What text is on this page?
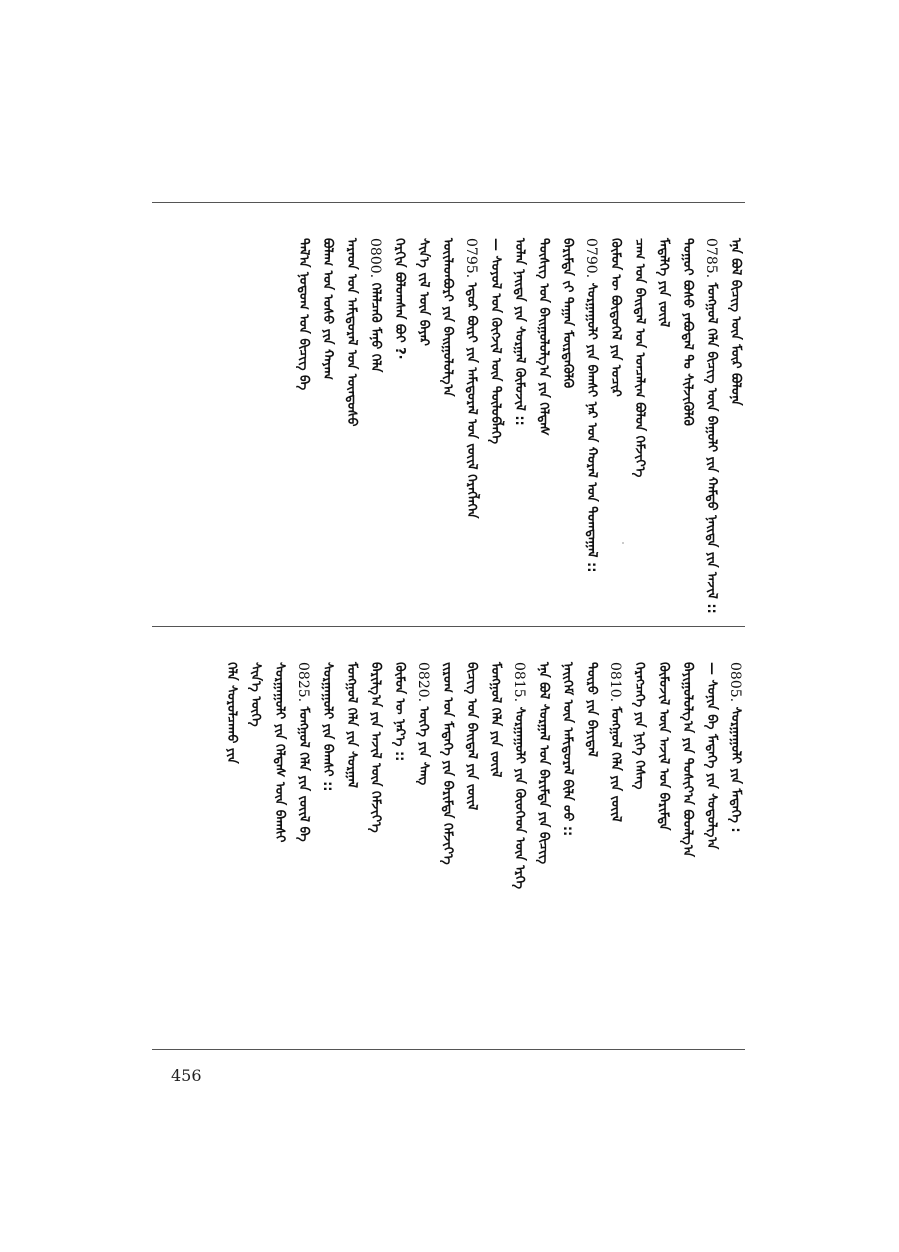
ᠡᠨᠡ ᠪᠣᠯ ᠪᠢᠴᠢᠭ ᠦᠨ ᠮᠦᠷ ᠪᠣᠯᠤᠨᠠ
0785. ᠮᠣᠩᠭᠣᠯ ᠬᠡᠯᠡ ᠪᠢᠴᠢᠭ ᠦᠨ ᠪᠠᠭᠤᠯᠢ ᠶᠢᠨ ᠬᠠᠮᠲᠤ ᠨᠡᠢᠲᠡ ᠶᠢᠨ ᠠᠵᠢᠯ ::
ᠳᠤᠭᠤᠢ ᠪᠤᠰᠤ ᠶᠠᠪᠤᠳᠠᠯ ᠲᠤ ᠰᠢᠯᠵᠢᠭᠦᠯᠬᠦ
ᠮᠡᠳᠡᠯᠭᠡ ᠶᠢᠨ ᠵᠦᠢᠯ
ᠴᠠᠭ ᠤᠨ ᠪᠠᠢᠳᠠᠯ ᠤᠨ ᠣᠨᠴᠠᠯᠢᠭ ᠪᠣᠯᠤᠨ ᠬᠡᠮᠵᠢᠶ᠎ᠡ
ᠬᠦᠮᠦᠨ ᠦ ᠪᠦᠲᠦᠭᠡᠯ ᠶᠢᠨ ᠤᠴᠢᠷ
0790. ᠰᠤᠷᠭᠠᠭᠤᠯᠢ ᠶᠢᠨ ᠪᠠᠭᠰᠢ ᠨᠠᠷ ᠤᠨ ᠬᠤᠷᠠᠯ ᠤᠨ ᠲᠣᠭᠲᠠᠭᠠᠯ ::
ᠪᠠᠷᠢᠮᠲᠠ ᠵᠢ ᠳᠠᠭᠠᠨ ᠮᠦᠷᠳᠡᠭᠦᠯᠬᠦ
ᠲᠦᠰᠢᠭ ᠤᠨ ᠪᠠᠢᠭᠤᠯᠤᠯᠭ᠎ᠠ ᠶᠢᠨ ᠬᠡᠯᠲᠡᠰ
ᠣᠯᠠᠨ ᠨᠡᠢᠲᠡ ᠶᠢᠨ ᠰᠤᠷᠭᠠᠯ ᠬᠦᠮᠦᠵᠢᠯ ::
— ᠰᠣᠶᠣᠯ ᠤᠨ ᠬᠥᠭᠵᠢᠯ ᠦᠨ ᠲᠥᠯᠦᠪᠯᠡᠭᠡ
0795. ᠡᠳᠦᠷ ᠪᠦᠷᠢ ᠶᠢᠨ ᠠᠮᠢᠳᠤᠷᠠᠯ ᠤᠨ ᠵᠦᠢᠯ ᠬᠡᠷᠡᠭᠯᠡᠭᠡᠨ
ᠦᠢᠯᠡᠳᠪᠦᠷᠢ ᠶᠢᠨ ᠪᠠᠢᠭᠤᠯᠤᠯᠭ᠎ᠠ
ᠰᠢᠨ᠎ᠡ ᠵᠢᠯ ᠦᠨ ᠪᠠᠶᠠᠷ
ᠬᠡᠷᠬᠢᠨ ᠪᠣᠯᠤᠭᠰᠠᠨ ᠪᠤᠢ ?·
0800. ᠬᠡᠯᠡᠯᠴᠡᠬᠦ ᠮᠠᠨᠤ ᠬᠡᠯᠡ
ᠠᠷᠠᠳ ᠤᠨ ᠠᠮᠢᠳᠤᠷᠠᠯ ᠤᠨ ᠦᠨᠳᠦᠰᠦ
ᠪᠤᠯᠠᠭ ᠤᠨ ᠤᠰᠤ ᠶᠢᠨ ᠬᠠᠶᠠᠭ
ᠲᠠᠯ᠎ᠠ ᠨᠤᠲᠤᠭ ᠤᠨ ᠪᠢᠴᠢᠭ ᠪᠠ
0805. ᠰᠤᠷᠭᠠᠭᠤᠯᠢ ᠶᠢᠨ ᠮᠡᠳᠡᠭᠡ :
— ᠰᠣᠨᠢᠨ ᠪᠠ ᠮᠡᠳᠡᠭᠡ ᠶᠢᠨ ᠰᠤᠳᠤᠯᠭ᠎ᠠ
ᠪᠠᠶᠢᠭᠤᠯᠤᠯᠭ᠎ᠠ ᠶᠢᠨ ᠲᠤᠰᠢᠶ᠎ᠠ ᠪᠣᠳᠯᠭ᠎ᠠ
ᠬᠦᠮᠦᠵᠢᠯ ᠦᠨ ᠠᠵᠢᠯ ᠤᠨ ᠪᠠᠷᠢᠮᠲᠠ
ᠬᠡᠷᠡᠭᠴᠡᠭᠡ ᠶᠢᠨ ᠨᠢᠭᠡ ᠬᠡᠰᠡᠭ
0810. ᠮᠣᠩᠭᠣᠯ ᠬᠡᠯᠡ ᠶᠢᠨ ᠵᠦᠢᠯ
ᠲᠥᠷᠦ ᠶᠢᠨ ᠪᠠᠶᠢᠳᠠᠯ
ᠨᠡᠢᠭᠡᠮ ᠦᠨ ᠠᠮᠢᠳᠤᠷᠠᠯ ᠪᠢᠯᠡ ᠤᠤ ::
ᠡᠨᠡ ᠪᠣᠯ ᠰᠤᠷᠭᠠᠯ ᠤᠨ ᠪᠠᠷᠢᠮᠲᠠ ᠶᠢᠨ ᠪᠢᠴᠢᠭ
0815. ᠰᠤᠷᠭᠠᠭᠤᠯᠢ ᠶᠢᠨ ᠬᠦᠦᠬᠡᠳ ᠦᠨ ᠡᠷᠬᠡ
ᠮᠣᠩᠭᠣᠯ ᠬᠡᠯᠡ ᠶᠢᠨ ᠵᠦᠢᠯ
ᠪᠢᠴᠢᠭ ᠤᠨ ᠪᠠᠢᠳᠠᠯ ᠶᠢᠨ ᠵᠦᠢᠯ
ᠵᠢᠷᠤᠭ ᠤᠨ ᠮᠡᠳᠡᠭᠡ ᠶᠢᠨ ᠪᠠᠷᠢᠮᠲᠠ ᠬᠡᠮᠵᠢᠶ᠎ᠡ
0820. ᠦᠭᠡ ᠶᠢᠨ ᠰᠠᠩ
ᠬᠦᠮᠦᠨ ᠦ ᠨᠡᠷ᠎ᠡ ::
ᠪᠠᠷᠢᠯᠭ᠎ᠠ ᠶᠢᠨ ᠠᠵᠢᠯ ᠦᠨ ᠬᠡᠮᠵᠢᠶ᠎ᠡ
ᠮᠣᠩᠭᠣᠯ ᠬᠡᠯᠡ ᠶᠢᠨ ᠰᠤᠷᠭᠠᠯ
ᠰᠤᠷᠭᠠᠭᠤᠯᠢ ᠶᠢᠨ ᠪᠠᠭᠰᠢ ::
0825. ᠮᠣᠩᠭᠣᠯ ᠬᠡᠯᠡ ᠶᠢᠨ ᠵᠦᠢᠯ ᠪᠠ
ᠰᠤᠷᠭᠠᠭᠤᠯᠢ ᠶᠢᠨ ᠬᠡᠯᠲᠡᠰ ᠦᠨ ᠪᠠᠭᠰᠢ
ᠰᠢᠨ᠎ᠡ ᠦᠭᠡ
ᠬᠡᠯᠡ ᠰᠤᠷᠤᠯᠴᠠᠬᠤ ᠶᠢᠨ
456
